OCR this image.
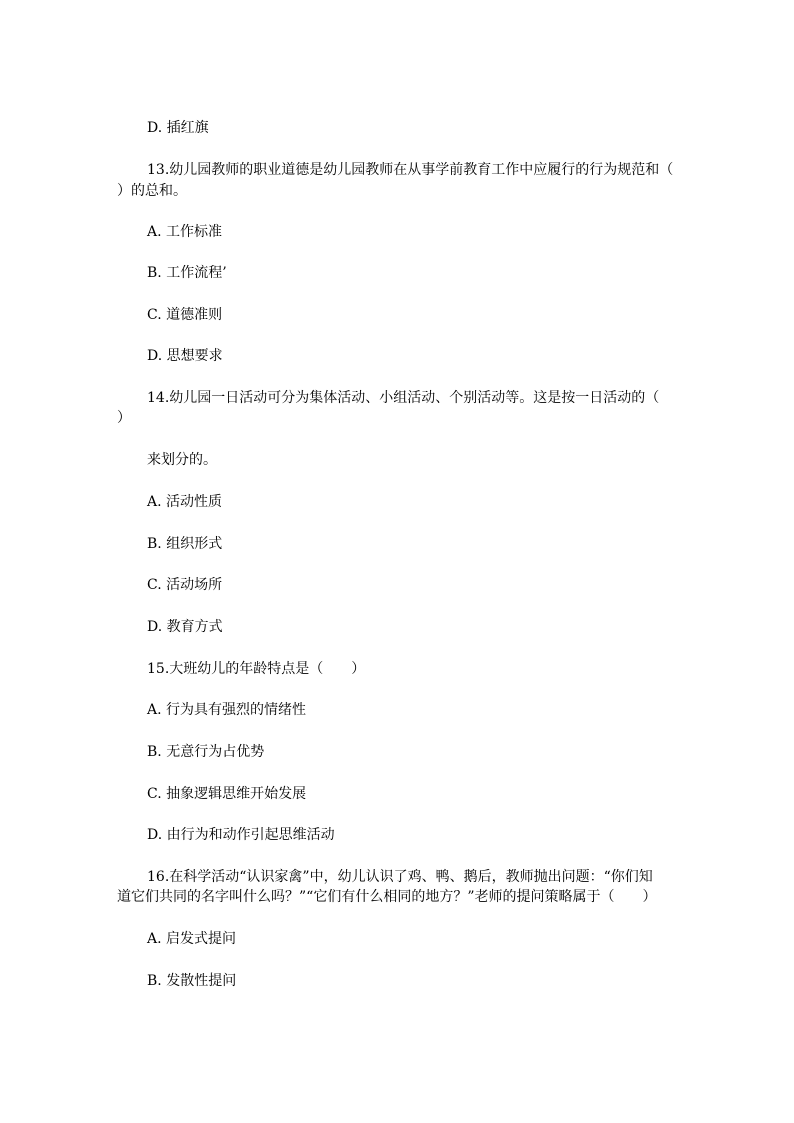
D. 插红旗
13.幼儿园教师的职业道德是幼儿园教师在从事学前教育工作中应履行的行为规范和（
）的总和。
A. 工作标准
B. 工作流程’
C. 道德准则
D. 思想要求
14.幼儿园一日活动可分为集体活动、小组活动、个别活动等。这是按一日活动的（
）
来划分的。
A. 活动性质
B. 组织形式
C. 活动场所
D. 教育方式
15.大班幼儿的年龄特点是（　　）
A. 行为具有强烈的情绪性
B. 无意行为占优势
C. 抽象逻辑思维开始发展
D. 由行为和动作引起思维活动
16.在科学活动“认识家禽”中，幼儿认识了鸡、鸭、鹅后，教师抛出问题：“你们知
道它们共同的名字叫什么吗？”“它们有什么相同的地方？”老师的提问策略属于（　　）
A. 启发式提问
B. 发散性提问
